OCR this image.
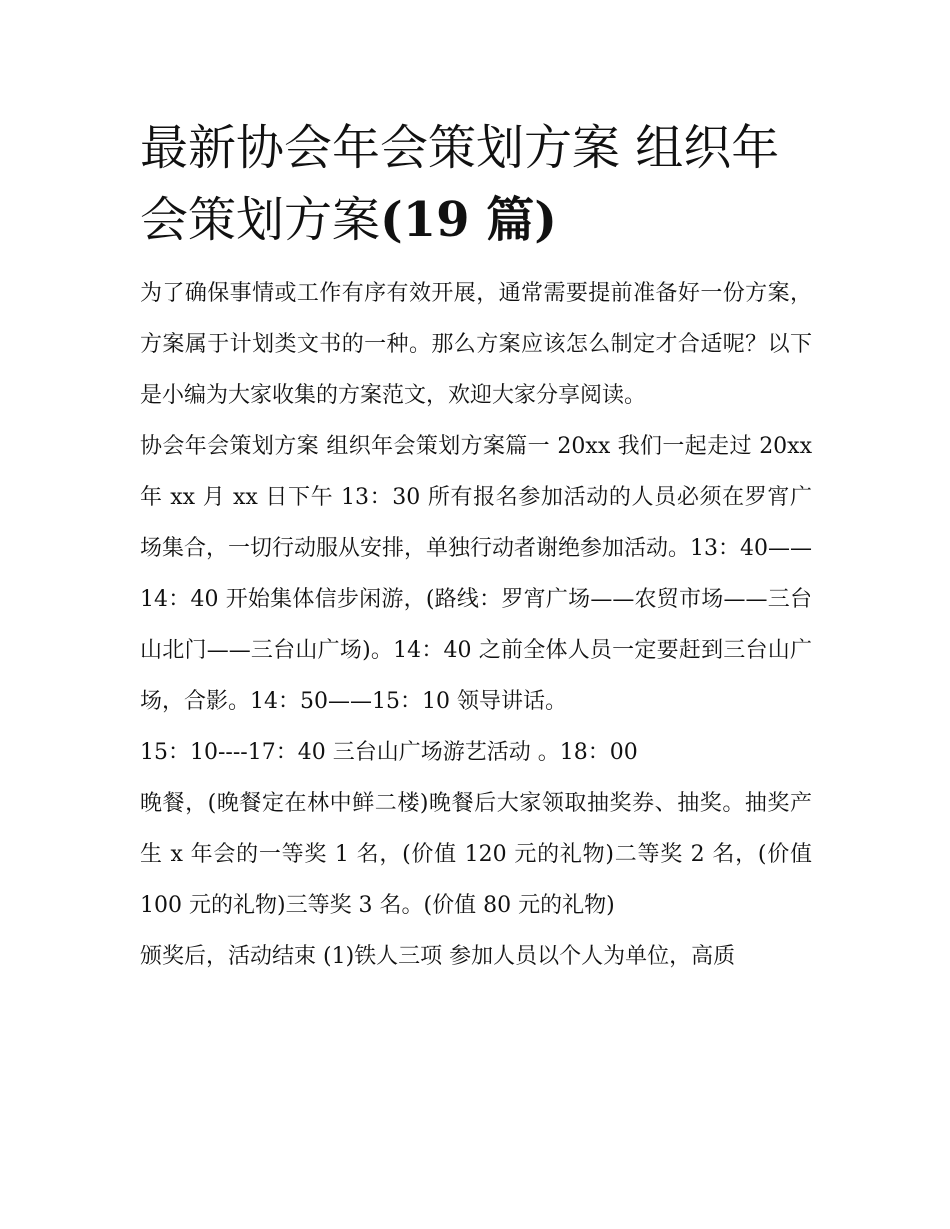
最新协会年会策划方案 组织年会策划方案(19 篇)

为了确保事情或工作有序有效开展，通常需要提前准备好一份方案，方案属于计划类文书的一种。那么方案应该怎么制定才合适呢？以下是小编为大家收集的方案范文，欢迎大家分享阅读。

协会年会策划方案 组织年会策划方案篇一 20xx 我们一起走过 20xx 年 xx 月 xx 日下午 13：30 所有报名参加活动的人员必须在罗宵广场集合，一切行动服从安排，单独行动者谢绝参加活动。13：40——14：40 开始集体信步闲游，(路线：罗宵广场——农贸市场——三台山北门——三台山广场)。14：40 之前全体人员一定要赶到三台山广场，合影。14：50——15：10 领导讲话。

15：10----17：40 三台山广场游艺活动 。18：00

晚餐，(晚餐定在林中鲜二楼)晚餐后大家领取抽奖券、抽奖。抽奖产生 x 年会的一等奖 1 名，(价值 120 元的礼物)二等奖 2 名，(价值 100 元的礼物)三等奖 3 名。(价值 80 元的礼物)

颁奖后，活动结束 (1)铁人三项 参加人员以个人为单位，高质
